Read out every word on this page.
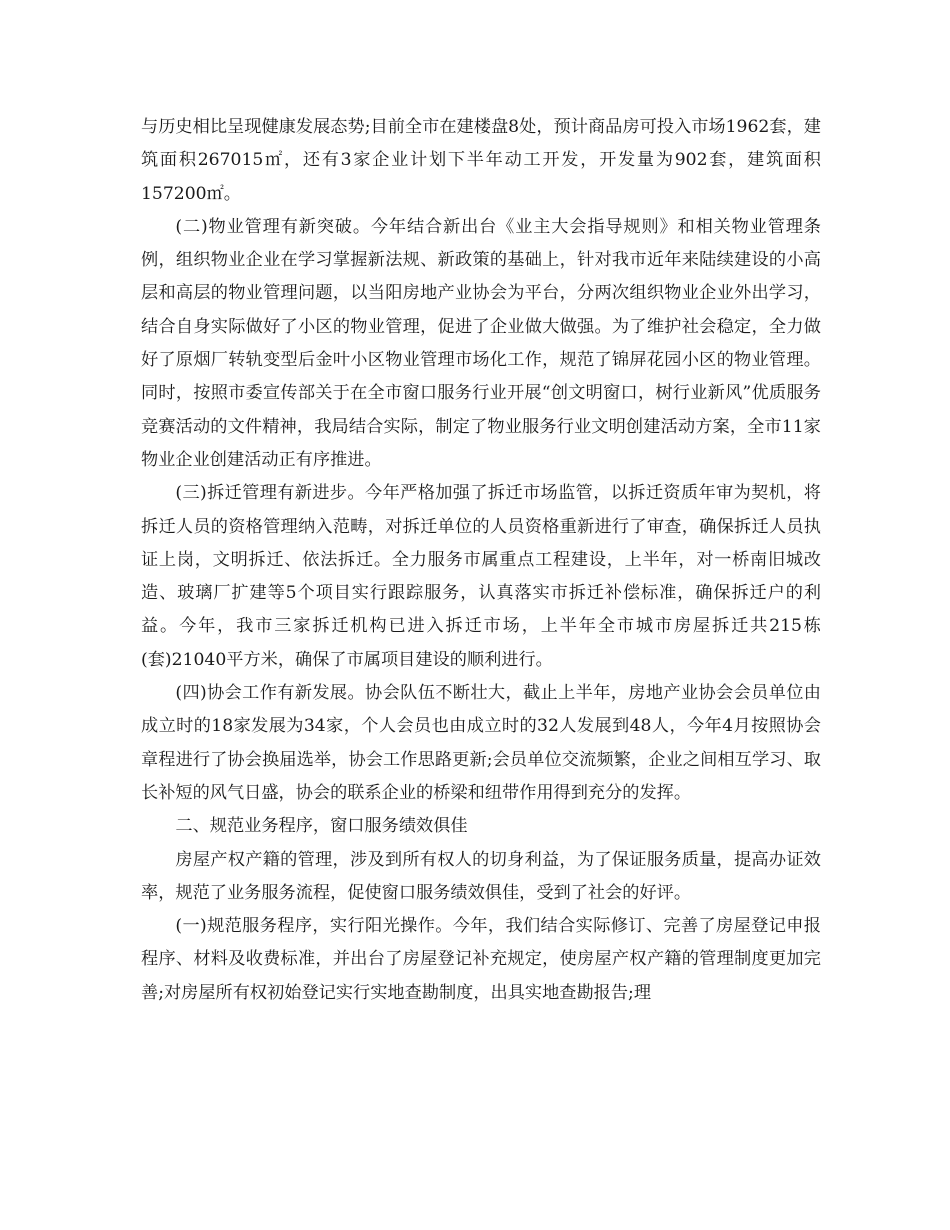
与历史相比呈现健康发展态势;目前全市在建楼盘8处，预计商品房可投入市场1962套，建筑面积267015㎡，还有3家企业计划下半年动工开发，开发量为902套，建筑面积157200㎡。

(二)物业管理有新突破。今年结合新出台《业主大会指导规则》和相关物业管理条例，组织物业企业在学习掌握新法规、新政策的基础上，针对我市近年来陆续建设的小高层和高层的物业管理问题，以当阳房地产业协会为平台，分两次组织物业企业外出学习，结合自身实际做好了小区的物业管理，促进了企业做大做强。为了维护社会稳定，全力做好了原烟厂转轨变型后金叶小区物业管理市场化工作，规范了锦屏花园小区的物业管理。同时，按照市委宣传部关于在全市窗口服务行业开展“创文明窗口，树行业新风”优质服务竞赛活动的文件精神，我局结合实际，制定了物业服务行业文明创建活动方案，全市11家物业企业创建活动正有序推进。

(三)拆迁管理有新进步。今年严格加强了拆迁市场监管，以拆迁资质年审为契机，将拆迁人员的资格管理纳入范畴，对拆迁单位的人员资格重新进行了审查，确保拆迁人员执证上岗，文明拆迁、依法拆迁。全力服务市属重点工程建设，上半年，对一桥南旧城改造、玻璃厂扩建等5个项目实行跟踪服务，认真落实市拆迁补偿标准，确保拆迁户的利益。今年，我市三家拆迁机构已进入拆迁市场，上半年全市城市房屋拆迁共215栋(套)21040平方米，确保了市属项目建设的顺利进行。

(四)协会工作有新发展。协会队伍不断壮大，截止上半年，房地产业协会会员单位由成立时的18家发展为34家，个人会员也由成立时的32人发展到48人，今年4月按照协会章程进行了协会换届选举，协会工作思路更新;会员单位交流频繁，企业之间相互学习、取长补短的风气日盛，协会的联系企业的桥梁和纽带作用得到充分的发挥。

二、规范业务程序，窗口服务绩效俱佳

房屋产权产籍的管理，涉及到所有权人的切身利益，为了保证服务质量，提高办证效率，规范了业务服务流程，促使窗口服务绩效俱佳，受到了社会的好评。

(一)规范服务程序，实行阳光操作。今年，我们结合实际修订、完善了房屋登记申报程序、材料及收费标准，并出台了房屋登记补充规定，使房屋产权产籍的管理制度更加完善;对房屋所有权初始登记实行实地查勘制度，出具实地查勘报告;理
